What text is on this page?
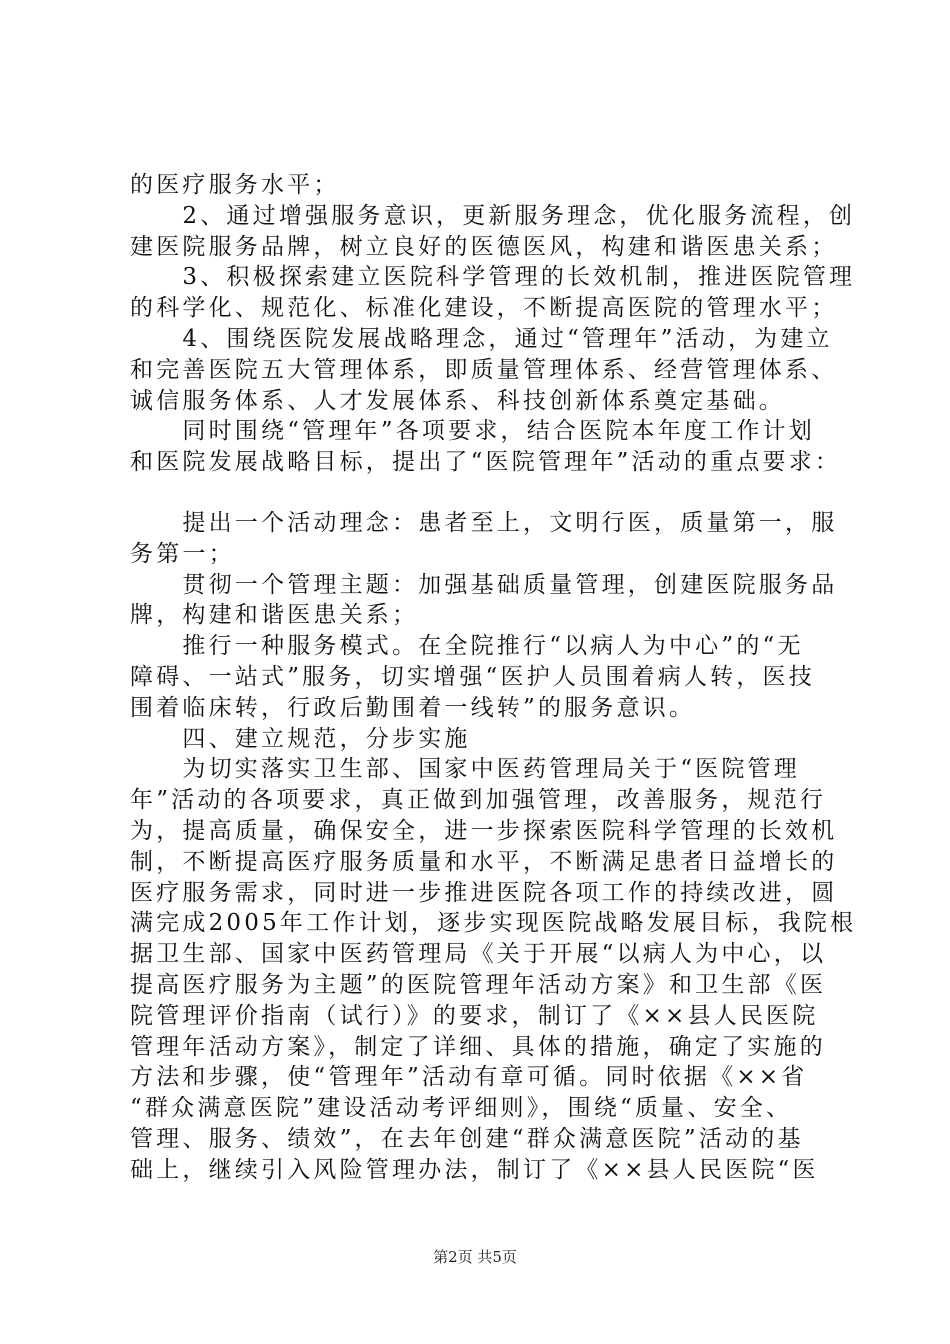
的医疗服务水平；
　　2、通过增强服务意识，更新服务理念，优化服务流程，创
建医院服务品牌，树立良好的医德医风，构建和谐医患关系；
　　3、积极探索建立医院科学管理的长效机制，推进医院管理
的科学化、规范化、标准化建设，不断提高医院的管理水平；
　　4、围绕医院发展战略理念，通过“管理年”活动，为建立
和完善医院五大管理体系，即质量管理体系、经营管理体系、
诚信服务体系、人才发展体系、科技创新体系奠定基础。
　　同时围绕“管理年”各项要求，结合医院本年度工作计划
和医院发展战略目标，提出了“医院管理年”活动的重点要求：
　　提出一个活动理念：患者至上，文明行医，质量第一，服
务第一；
　　贯彻一个管理主题：加强基础质量管理，创建医院服务品
牌，构建和谐医患关系；
　　推行一种服务模式。在全院推行“以病人为中心”的“无
障碍、一站式”服务，切实增强“医护人员围着病人转，医技
围着临床转，行政后勤围着一线转”的服务意识。
　　四、建立规范，分步实施
　　为切实落实卫生部、国家中医药管理局关于“医院管理
年”活动的各项要求，真正做到加强管理，改善服务，规范行
为，提高质量，确保安全，进一步探索医院科学管理的长效机
制，不断提高医疗服务质量和水平，不断满足患者日益增长的
医疗服务需求，同时进一步推进医院各项工作的持续改进，圆
满完成2005年工作计划，逐步实现医院战略发展目标，我院根
据卫生部、国家中医药管理局《关于开展“以病人为中心，以
提高医疗服务为主题”的医院管理年活动方案》和卫生部《医
院管理评价指南（试行）》的要求，制订了《××县人民医院
管理年活动方案》，制定了详细、具体的措施，确定了实施的
方法和步骤，使“管理年”活动有章可循。同时依据《××省
“群众满意医院”建设活动考评细则》，围绕“质量、安全、
管理、服务、绩效”，在去年创建“群众满意医院”活动的基
础上，继续引入风险管理办法，制订了《××县人民医院“医
第2页 共5页
